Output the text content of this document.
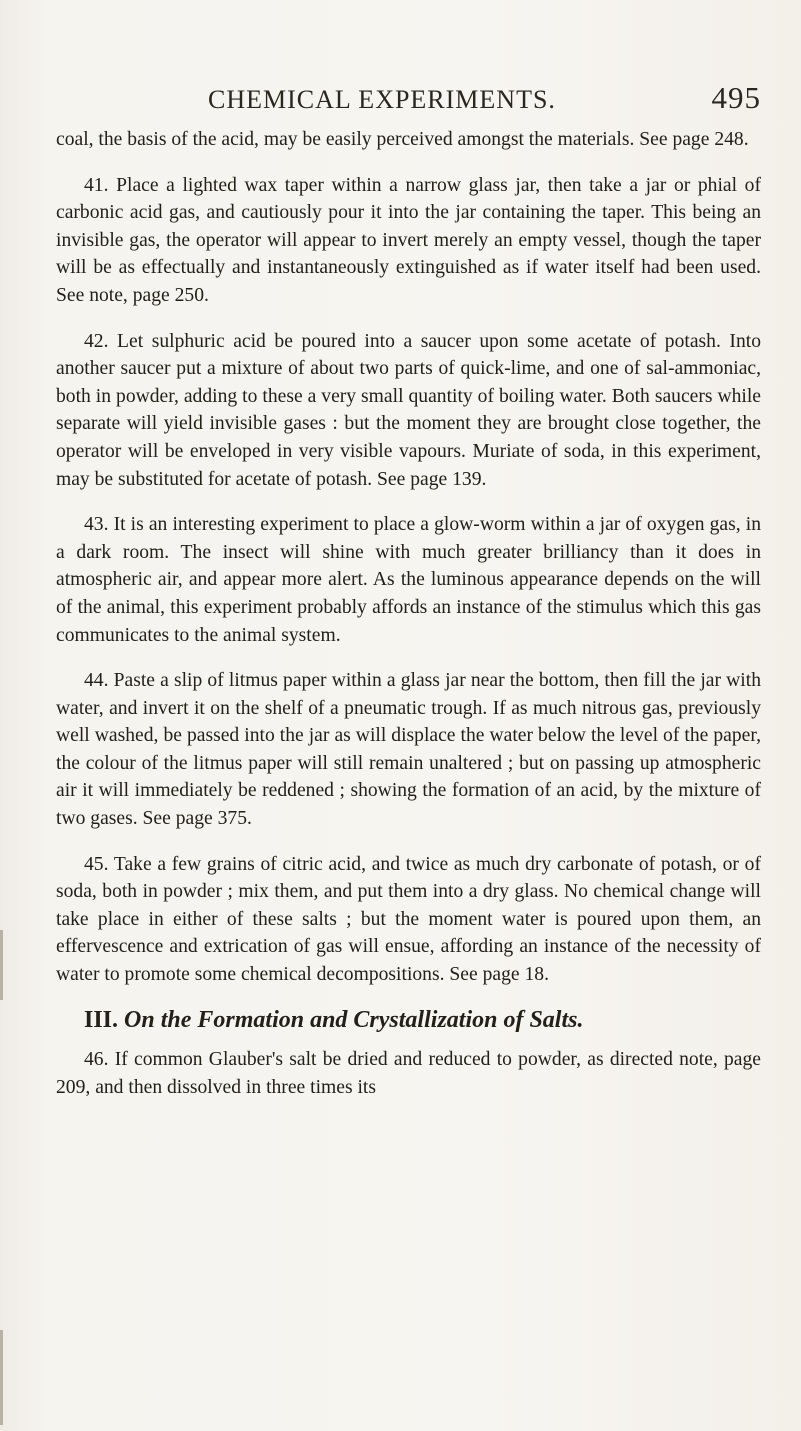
CHEMICAL EXPERIMENTS.	495

coal, the basis of the acid, may be easily perceived amongst the materials. See page 248.

41. Place a lighted wax taper within a narrow glass jar, then take a jar or phial of carbonic acid gas, and cautiously pour it into the jar containing the taper. This being an invisible gas, the operator will appear to invert merely an empty vessel, though the taper will be as effectually and instantaneously extinguished as if water itself had been used. See note, page 250.

42. Let sulphuric acid be poured into a saucer upon some acetate of potash. Into another saucer put a mixture of about two parts of quick-lime, and one of sal-ammoniac, both in powder, adding to these a very small quantity of boiling water. Both saucers while separate will yield invisible gases : but the moment they are brought close together, the operator will be enveloped in very visible vapours. Muriate of soda, in this experiment, may be substituted for acetate of potash. See page 139.

43. It is an interesting experiment to place a glow-worm within a jar of oxygen gas, in a dark room. The insect will shine with much greater brilliancy than it does in atmospheric air, and appear more alert. As the luminous appearance depends on the will of the animal, this experiment probably affords an instance of the stimulus which this gas communicates to the animal system.

44. Paste a slip of litmus paper within a glass jar near the bottom, then fill the jar with water, and invert it on the shelf of a pneumatic trough. If as much nitrous gas, previously well washed, be passed into the jar as will displace the water below the level of the paper, the colour of the litmus paper will still remain unaltered ; but on passing up atmospheric air it will immediately be reddened ; showing the formation of an acid, by the mixture of two gases. See page 375.

45. Take a few grains of citric acid, and twice as much dry carbonate of potash, or of soda, both in powder ; mix them, and put them into a dry glass. No chemical change will take place in either of these salts ; but the moment water is poured upon them, an effervescence and extrication of gas will ensue, affording an instance of the necessity of water to promote some chemical decompositions. See page 18.

III. On the Formation and Crystallization of Salts.

46. If common Glauber's salt be dried and reduced to powder, as directed note, page 209, and then dissolved in three times its
